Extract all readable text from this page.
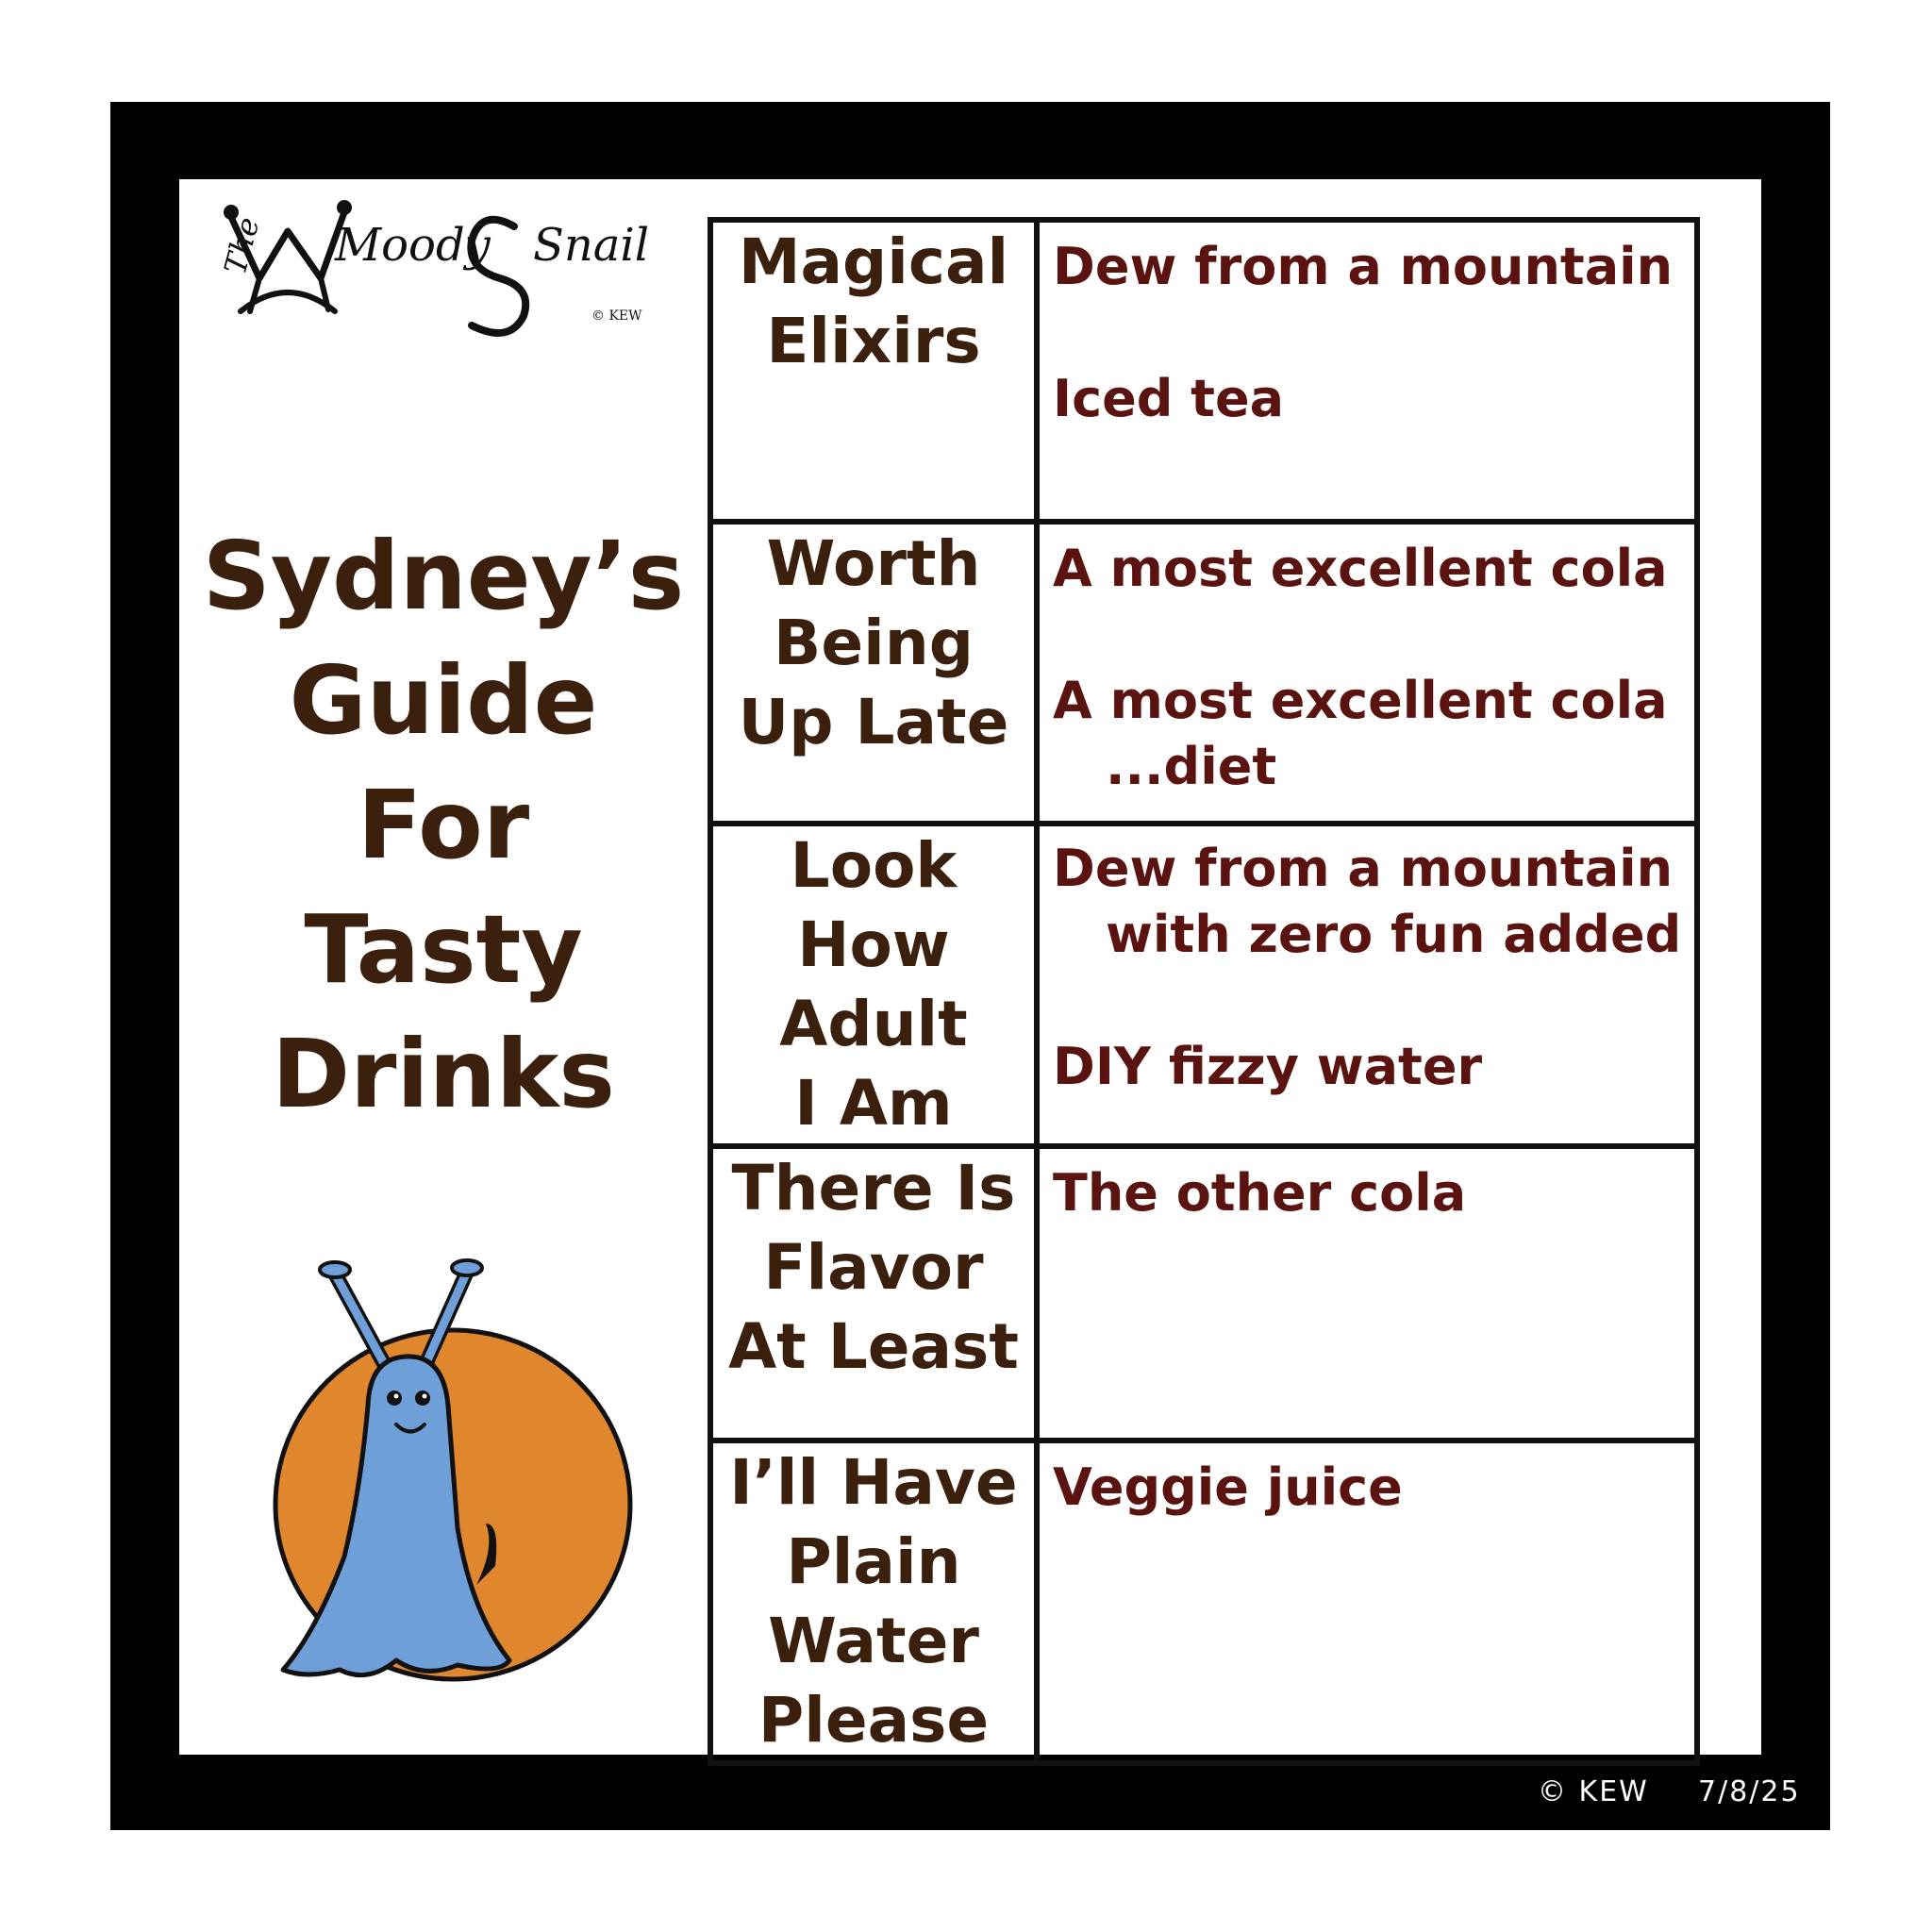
The Moody Snail
© KEW
Sydney’s
Guide
For
Tasty
Drinks
Magical
Elixirs	Dew from a mountain
Iced tea

Worth
Being
Up Late	A most excellent cola
A most excellent cola
...diet

Look How
Adult
I Am	Dew from a mountain
with zero fun added
DIY fizzy water

There Is
Flavor
At Least	The other cola

I’ll Have
Plain
Water
Please	Veggie juice
© KEW 7/8/25
